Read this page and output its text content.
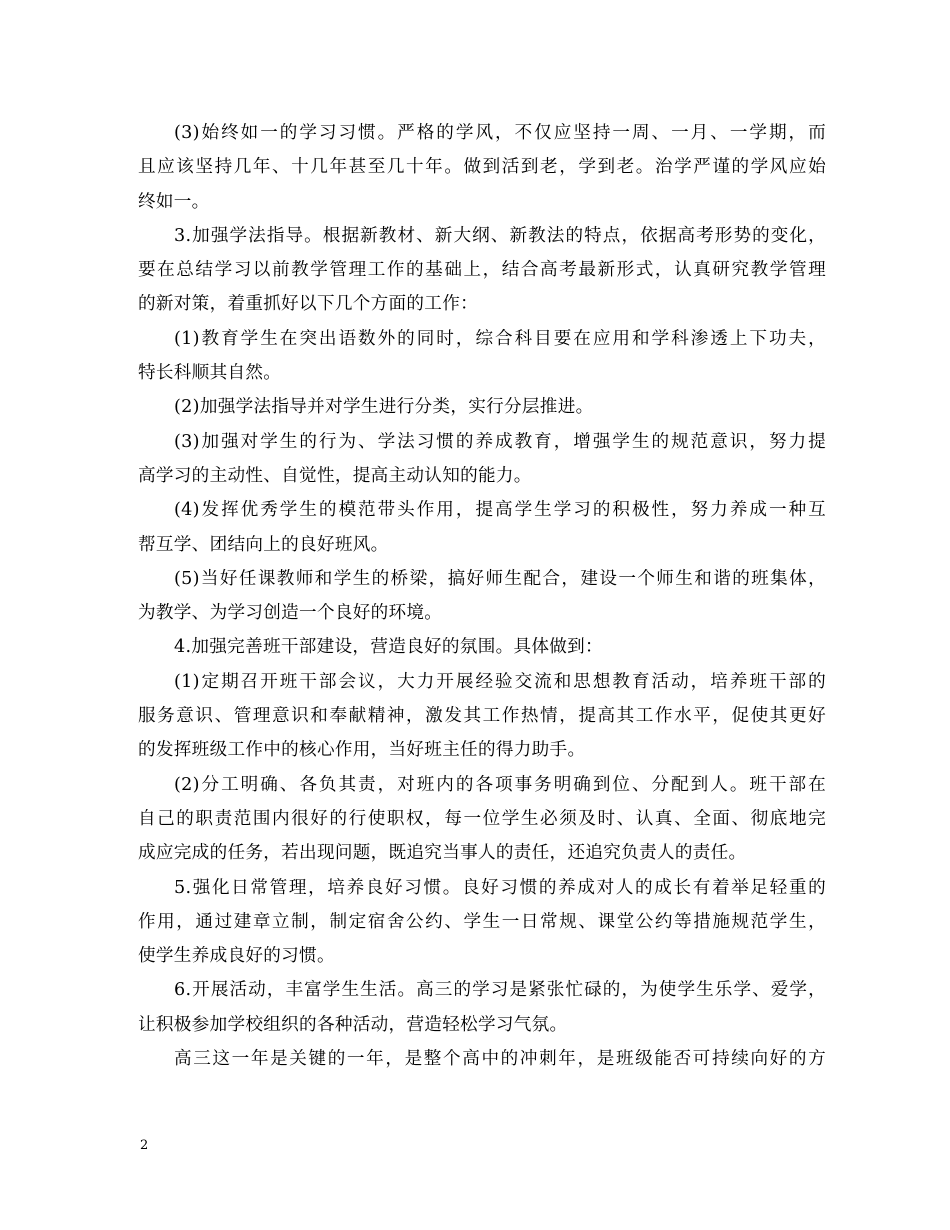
(3)始终如一的学习习惯。严格的学风，不仅应坚持一周、一月、一学期，而
且应该坚持几年、十几年甚至几十年。做到活到老，学到老。治学严谨的学风应始
终如一。
3.加强学法指导。根据新教材、新大纲、新教法的特点，依据高考形势的变化，
要在总结学习以前教学管理工作的基础上，结合高考最新形式，认真研究教学管理
的新对策，着重抓好以下几个方面的工作：
(1)教育学生在突出语数外的同时，综合科目要在应用和学科渗透上下功夫，
特长科顺其自然。
(2)加强学法指导并对学生进行分类，实行分层推进。
(3)加强对学生的行为、学法习惯的养成教育，增强学生的规范意识，努力提
高学习的主动性、自觉性，提高主动认知的能力。
(4)发挥优秀学生的模范带头作用，提高学生学习的积极性，努力养成一种互
帮互学、团结向上的良好班风。
(5)当好任课教师和学生的桥梁，搞好师生配合，建设一个师生和谐的班集体，
为教学、为学习创造一个良好的环境。
4.加强完善班干部建设，营造良好的氛围。具体做到：
(1)定期召开班干部会议，大力开展经验交流和思想教育活动，培养班干部的
服务意识、管理意识和奉献精神，激发其工作热情，提高其工作水平，促使其更好
的发挥班级工作中的核心作用，当好班主任的得力助手。
(2)分工明确、各负其责，对班内的各项事务明确到位、分配到人。班干部在
自己的职责范围内很好的行使职权，每一位学生必须及时、认真、全面、彻底地完
成应完成的任务，若出现问题，既追究当事人的责任，还追究负责人的责任。
5.强化日常管理，培养良好习惯。良好习惯的养成对人的成长有着举足轻重的
作用，通过建章立制，制定宿舍公约、学生一日常规、课堂公约等措施规范学生，
使学生养成良好的习惯。
6.开展活动，丰富学生生活。高三的学习是紧张忙碌的，为使学生乐学、爱学，
让积极参加学校组织的各种活动，营造轻松学习气氛。
高三这一年是关键的一年，是整个高中的冲刺年，是班级能否可持续向好的方
2
